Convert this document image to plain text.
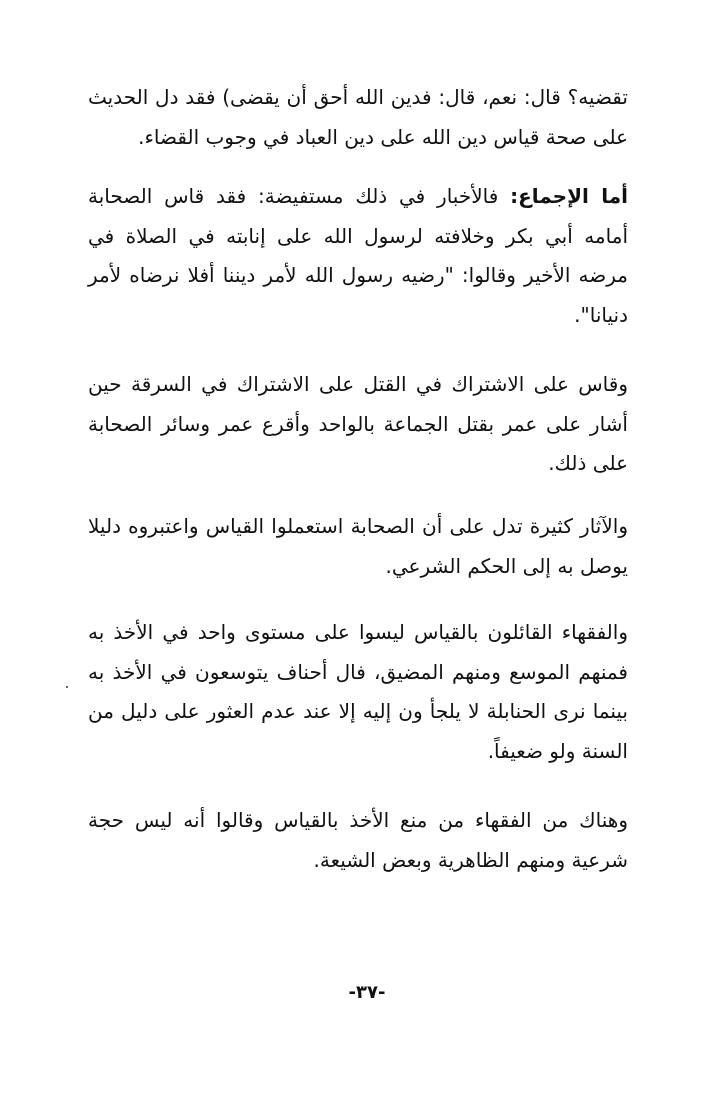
تقضيه؟ قال: نعم، قال: فدين الله أحق أن يقضى) فقد دل الحديث على صحة قياس دين الله على دين العباد في وجوب القضاء.

أما الإجماع: فالأخبار في ذلك مستفيضة: فقد قاس الصحابة أمامه أبي بكر وخلافته لرسول الله على إنابته في الصلاة في مرضه الأخير وقالوا: "رضيه رسول الله لأمر ديننا أفلا نرضاه لأمر دنيانا".

وقاس على الاشتراك في القتل على الاشتراك في السرقة حين أشار على عمر بقتل الجماعة بالواحد وأقرع عمر وسائر الصحابة على ذلك.

والآثار كثيرة تدل على أن الصحابة استعملوا القياس واعتبروه دليلا يوصل به إلى الحكم الشرعي.

والفقهاء القائلون بالقياس ليسوا على مستوى واحد في الأخذ به فمنهم الموسع ومنهم المضيق، فال أحناف يتوسعون في الأخذ به بينما نرى الحنابلة لا يلجأ ون إليه إلا عند عدم العثور على دليل من السنة ولو ضعيفاً.

وهناك من الفقهاء من منع الأخذ بالقياس وقالوا أنه ليس حجة شرعية ومنهم الظاهرية وبعض الشيعة.

-٣٧-
